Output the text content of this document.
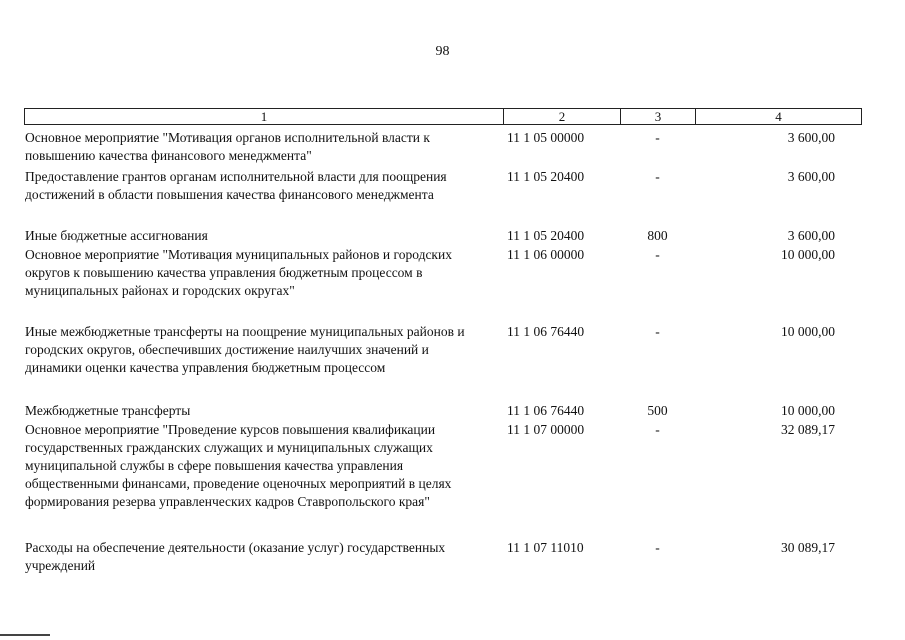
98
1	2	3	4
Основное мероприятие "Мотивация органов исполнительной власти к повышению качества финансового менеджмента"
11 1 05 00000	-	3 600,00
Предоставление грантов органам исполнительной власти для поощрения достижений в области повышения качества финансового менеджмента
11 1 05 20400	-	3 600,00
Иные бюджетные ассигнования	11 1 05 20400	800	3 600,00
Основное мероприятие "Мотивация муниципальных районов и городских округов к повышению качества управления бюджетным процессом в муниципальных районах и городских округах"
11 1 06 00000	-	10 000,00
Иные межбюджетные трансферты на поощрение муниципальных районов и городских округов, обеспечивших достижение наилучших значений и динамики оценки качества управления бюджетным процессом
11 1 06 76440	-	10 000,00
Межбюджетные трансферты	11 1 06 76440	500	10 000,00
Основное мероприятие "Проведение курсов повышения квалификации государственных гражданских служащих и муниципальных служащих муниципальной службы в сфере повышения качества управления общественными финансами, проведение оценочных мероприятий в целях формирования резерва управленческих кадров Ставропольского края"
11 1 07 00000	-	32 089,17
Расходы на обеспечение деятельности (оказание услуг) государственных учреждений
11 1 07 11010	-	30 089,17
